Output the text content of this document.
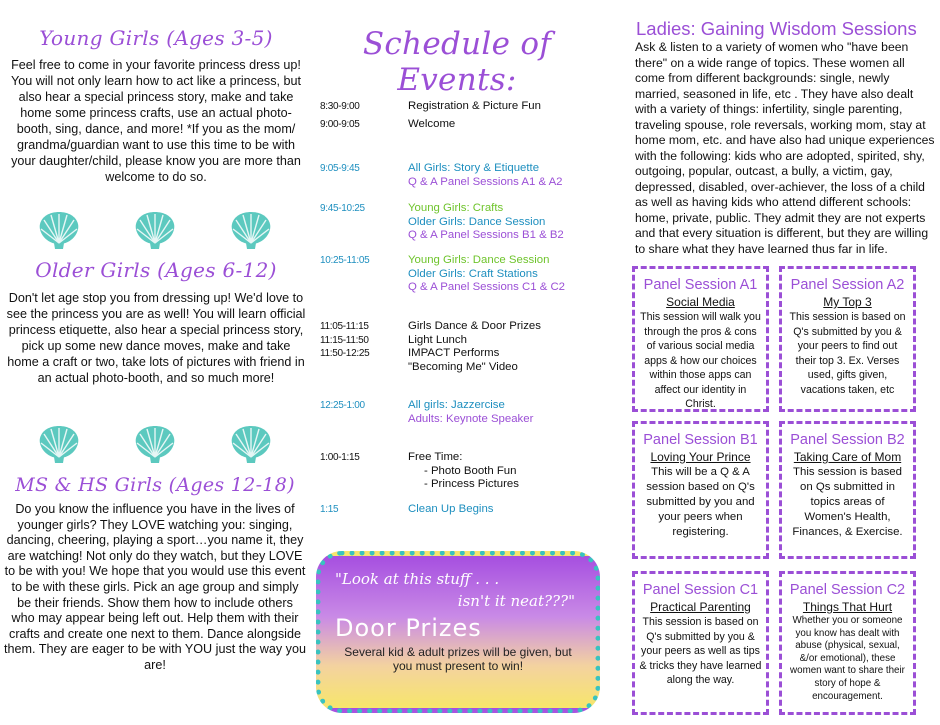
Young Girls (Ages 3-5)

Feel free to come in your favorite princess dress up! You will not only learn how to act like a princess, but also hear a special princess story, make and take home some princess crafts, use an actual photo-booth, sing, dance, and more! *If you as the mom/ grandma/guardian want to use this time to be with your daughter/child, please know you are more than welcome to do so.

Older Girls (Ages 6-12)

Don't let age stop you from dressing up! We'd love to see the princess you are as well! You will learn official princess etiquette, also hear a special princess story, pick up some new dance moves, make and take home a craft or two, take lots of pictures with friend in an actual photo-booth, and so much more!

MS & HS Girls (Ages 12-18)

Do you know the influence you have in the lives of younger girls? They LOVE watching you: singing, dancing, cheering, playing a sport…you name it, they are watching! Not only do they watch, but they LOVE to be with you! We hope that you would use this event to be with these girls. Pick an age group and simply be their friends. Show them how to include others who may appear being left out. Help them with their crafts and create one next to them. Dance alongside them. They are eager to be with YOU just the way you are!

Schedule of Events:
8:30-9:00	Registration & Picture Fun
9:00-9:05	Welcome
9:05-9:45	All Girls: Story & Etiquette
Q & A Panel Sessions A1 & A2
9:45-10:25	Young Girls: Crafts
Older Girls: Dance Session
Q & A Panel Sessions B1 & B2
10:25-11:05	Young Girls: Dance Session
Older Girls: Craft Stations
Q & A Panel Sessions C1 & C2
11:05-11:15	Girls Dance & Door Prizes
11:15-11:50	Light Lunch
11:50-12:25	IMPACT Performs
"Becoming Me" Video
12:25-1:00	All girls: Jazzercise
Adults: Keynote Speaker
1:00-1:15	Free Time:
- Photo Booth Fun
- Princess Pictures
1:15	Clean Up Begins
"Look at this stuff . . .
isn't it neat???"
Door Prizes
Several kid & adult prizes will be given, but you must present to win!
Ladies: Gaining Wisdom Sessions

Ask & listen to a variety of women who "have been there" on a wide range of topics. These women all come from different backgrounds: single, newly married, seasoned in life, etc . They have also dealt with a variety of things: infertility, single parenting, traveling spouse, role reversals, working mom, stay at home mom, etc. and have also had unique experiences with the following: kids who are adopted, spirited, shy, outgoing, popular, outcast, a bully, a victim, gay, depressed, disabled, over-achiever, the loss of a child as well as having kids who attend different schools: home, private, public. They admit they are not experts and that every situation is different, but they are willing to share what they have learned thus far in life.

Panel Session A1
Social Media
This session will walk you through the pros & cons of various social media apps & how our choices within those apps can affect our identity in Christ.
Panel Session A2
My Top 3
This session is based on Q's submitted by you & your peers to find out their top 3. Ex. Verses used, gifts given, vacations taken, etc
Panel Session B1
Loving Your Prince
This will be a Q & A session based on Q's submitted by you and your peers when registering.
Panel Session B2
Taking Care of Mom
This session is based on Qs submitted in topics areas of Women's Health, Finances, & Exercise.
Panel Session C1
Practical Parenting
This session is based on Q's submitted by you & your peers as well as tips & tricks they have learned along the way.
Panel Session C2
Things That Hurt
Whether you or someone you know has dealt with abuse (physical, sexual, &/or emotional), these women want to share their story of hope & encouragement.
